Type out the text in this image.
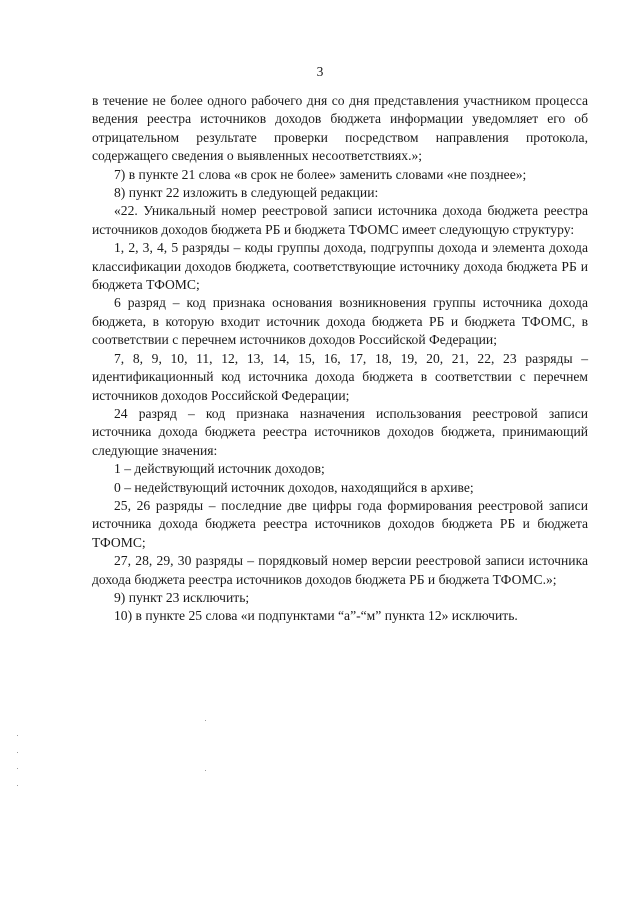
3

в течение не более одного рабочего дня со дня представления участником процесса ведения реестра источников доходов бюджета информации уведомляет его об отрицательном результате проверки посредством направления протокола, содержащего сведения о выявленных несоответствиях.»;

7) в пункте 21 слова «в срок не более» заменить словами «не позднее»;

8) пункт 22 изложить в следующей редакции:

«22. Уникальный номер реестровой записи источника дохода бюджета реестра источников доходов бюджета РБ и бюджета ТФОМС имеет следующую структуру:

1, 2, 3, 4, 5 разряды – коды группы дохода, подгруппы дохода и элемента дохода классификации доходов бюджета, соответствующие источнику дохода бюджета РБ и бюджета ТФОМС;

6 разряд – код признака основания возникновения группы источника дохода бюджета, в которую входит источник дохода бюджета РБ и бюджета ТФОМС, в соответствии с перечнем источников доходов Российской Федерации;

7, 8, 9, 10, 11, 12, 13, 14, 15, 16, 17, 18, 19, 20, 21, 22, 23 разряды – идентификационный код источника дохода бюджета в соответствии с перечнем источников доходов Российской Федерации;

24 разряд – код признака назначения использования реестровой записи источника дохода бюджета реестра источников доходов бюджета, принимающий следующие значения:

1 – действующий источник доходов;

0 – недействующий источник доходов, находящийся в архиве;

25, 26 разряды – последние две цифры года формирования реестровой записи источника дохода бюджета реестра источников доходов бюджета РБ и бюджета ТФОМС;

27, 28, 29, 30 разряды – порядковый номер версии реестровой записи источника дохода бюджета реестра источников доходов бюджета РБ и бюджета ТФОМС.»;

9) пункт 23 исключить;

10) в пункте 25 слова «и подпунктами “а”-“м” пункта 12» исключить.
